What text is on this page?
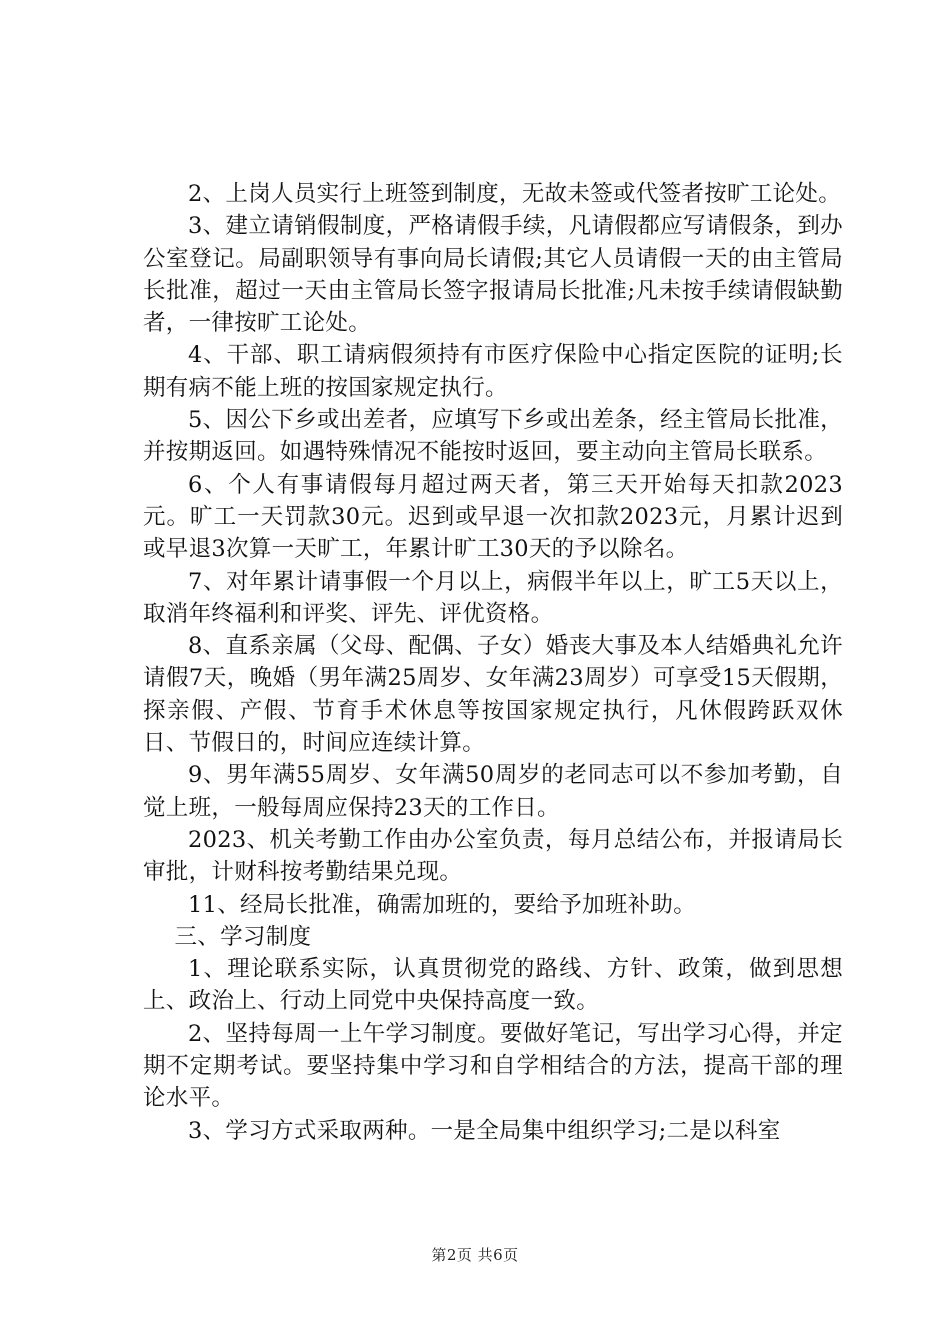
2、上岗人员实行上班签到制度，无故未签或代签者按旷工论处。

3、建立请销假制度，严格请假手续，凡请假都应写请假条，到办公室登记。局副职领导有事向局长请假;其它人员请假一天的由主管局长批准，超过一天由主管局长签字报请局长批准;凡未按手续请假缺勤者，一律按旷工论处。

4、干部、职工请病假须持有市医疗保险中心指定医院的证明;长期有病不能上班的按国家规定执行。

5、因公下乡或出差者，应填写下乡或出差条，经主管局长批准，并按期返回。如遇特殊情况不能按时返回，要主动向主管局长联系。

6、个人有事请假每月超过两天者，第三天开始每天扣款2023元。旷工一天罚款30元。迟到或早退一次扣款2023元，月累计迟到或早退3次算一天旷工，年累计旷工30天的予以除名。

7、对年累计请事假一个月以上，病假半年以上，旷工5天以上，取消年终福利和评奖、评先、评优资格。

8、直系亲属（父母、配偶、子女）婚丧大事及本人结婚典礼允许请假7天，晚婚（男年满25周岁、女年满23周岁）可享受15天假期，探亲假、产假、节育手术休息等按国家规定执行，凡休假跨跃双休日、节假日的，时间应连续计算。

9、男年满55周岁、女年满50周岁的老同志可以不参加考勤，自觉上班，一般每周应保持23天的工作日。

2023、机关考勤工作由办公室负责，每月总结公布，并报请局长审批，计财科按考勤结果兑现。

11、经局长批准，确需加班的，要给予加班补助。

三、学习制度

1、理论联系实际，认真贯彻党的路线、方针、政策，做到思想上、政治上、行动上同党中央保持高度一致。

2、坚持每周一上午学习制度。要做好笔记，写出学习心得，并定期不定期考试。要坚持集中学习和自学相结合的方法，提高干部的理论水平。

3、学习方式采取两种。一是全局集中组织学习;二是以科室

第2页 共6页
